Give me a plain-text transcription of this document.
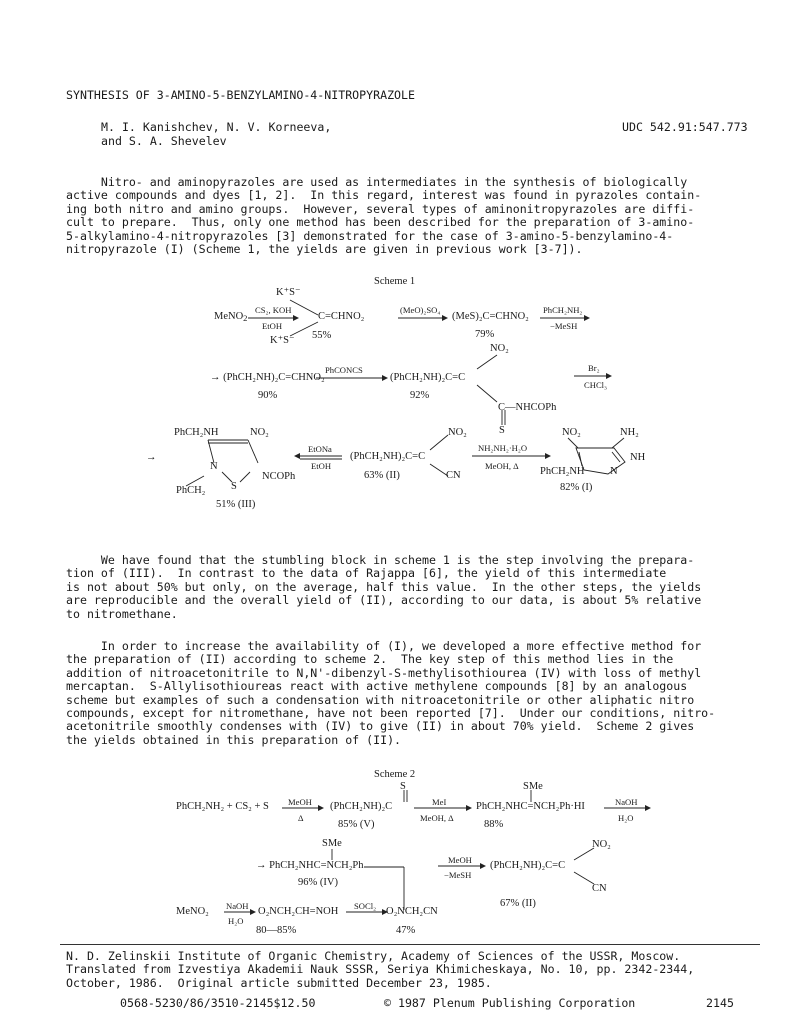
SYNTHESIS OF 3-AMINO-5-BENZYLAMINO-4-NITROPYRAZOLE
M. I. Kanishchev, N. V. Korneeva,
and S. A. Shevelev
UDC 542.91:547.773
Nitro- and aminopyrazoles are used as intermediates in the synthesis of biologically
active compounds and dyes [1, 2].  In this regard, interest was found in pyrazoles contain-
ing both nitro and amino groups.  However, several types of aminonitropyrazoles are diffi-
cult to prepare.  Thus, only one method has been described for the preparation of 3-amino-
5-alkylamino-4-nitropyrazoles [3] demonstrated for the case of 3-amino-5-benzylamino-4-
nitropyrazole (I) (Scheme 1, the yields are given in previous work [3-7]).
Scheme 1
MeNO2
CS₂, KOH
EtOH
K⁺S⁻
K⁺S⁻
C=CHNO₂
55%
(MeO)₂SO₄
(MeS)₂C=CHNO₂
79%
PhCH₂NH₂
−MeSH
NO₂
→ (PhCH₂NH)₂C=CHNO₂
90%
PhCONCS
(PhCH₂NH)₂C=C
92%
C—NHCOPh
S
Br₂
CHCl₃
PhCH₂NH	NO₂
→
N
NCOPh
S
PhCH₂
51% (III)
EtONa
EtOH
NO₂
(PhCH₂NH)₂C=C
63% (II)	CN
NH₂NH₂·H₂O
MeOH, Δ
NO₂	NH₂
NH
N
PhCH₂NH
82% (I)
We have found that the stumbling block in scheme 1 is the step involving the prepara-
tion of (III).  In contrast to the data of Rajappa [6], the yield of this intermediate
is not about 50% but only, on the average, half this value.  In the other steps, the yields
are reproducible and the overall yield of (II), according to our data, is about 5% relative
to nitromethane.
In order to increase the availability of (I), we developed a more effective method for
the preparation of (II) according to scheme 2.  The key step of this method lies in the
addition of nitroacetonitrile to N,N'-dibenzyl-S-methylisothiourea (IV) with loss of methyl
mercaptan.  S-Allylisothioureas react with active methylene compounds [8] by an analogous
scheme but examples of such a condensation with nitroacetonitrile or other aliphatic nitro
compounds, except for nitromethane, have not been reported [7].  Under our conditions, nitro-
acetonitrile smoothly condenses with (IV) to give (II) in about 70% yield.  Scheme 2 gives
the yields obtained in this preparation of (II).
Scheme 2
S	SMe
PhCH₂NH₂ + CS₂ + S MeOH
Δ
(PhCH₂NH)₂C
85% (V)
MeI
MeOH, Δ
PhCH₂NHC=NCH₂Ph·HI
88%
NaOH
H₂O
SMe	NO₂
→ PhCH₂NHC=NCH₂Ph
96% (IV)
MeOH
−MeSH
(PhCH₂NH)₂C=C
CN
67% (II)
NaOH
H₂O
SOCl₂
MeNO₂	O₂NCH₂CH=NOH	O₂NCH₂CN
80—85%	47%
N. D. Zelinskii Institute of Organic Chemistry, Academy of Sciences of the USSR, Moscow.
Translated from Izvestiya Akademii Nauk SSSR, Seriya Khimicheskaya, No. 10, pp. 2342-2344,
October, 1986.  Original article submitted December 23, 1985.
0568-5230/86/3510-2145$12.50	© 1987 Plenum Publishing Corporation	2145
